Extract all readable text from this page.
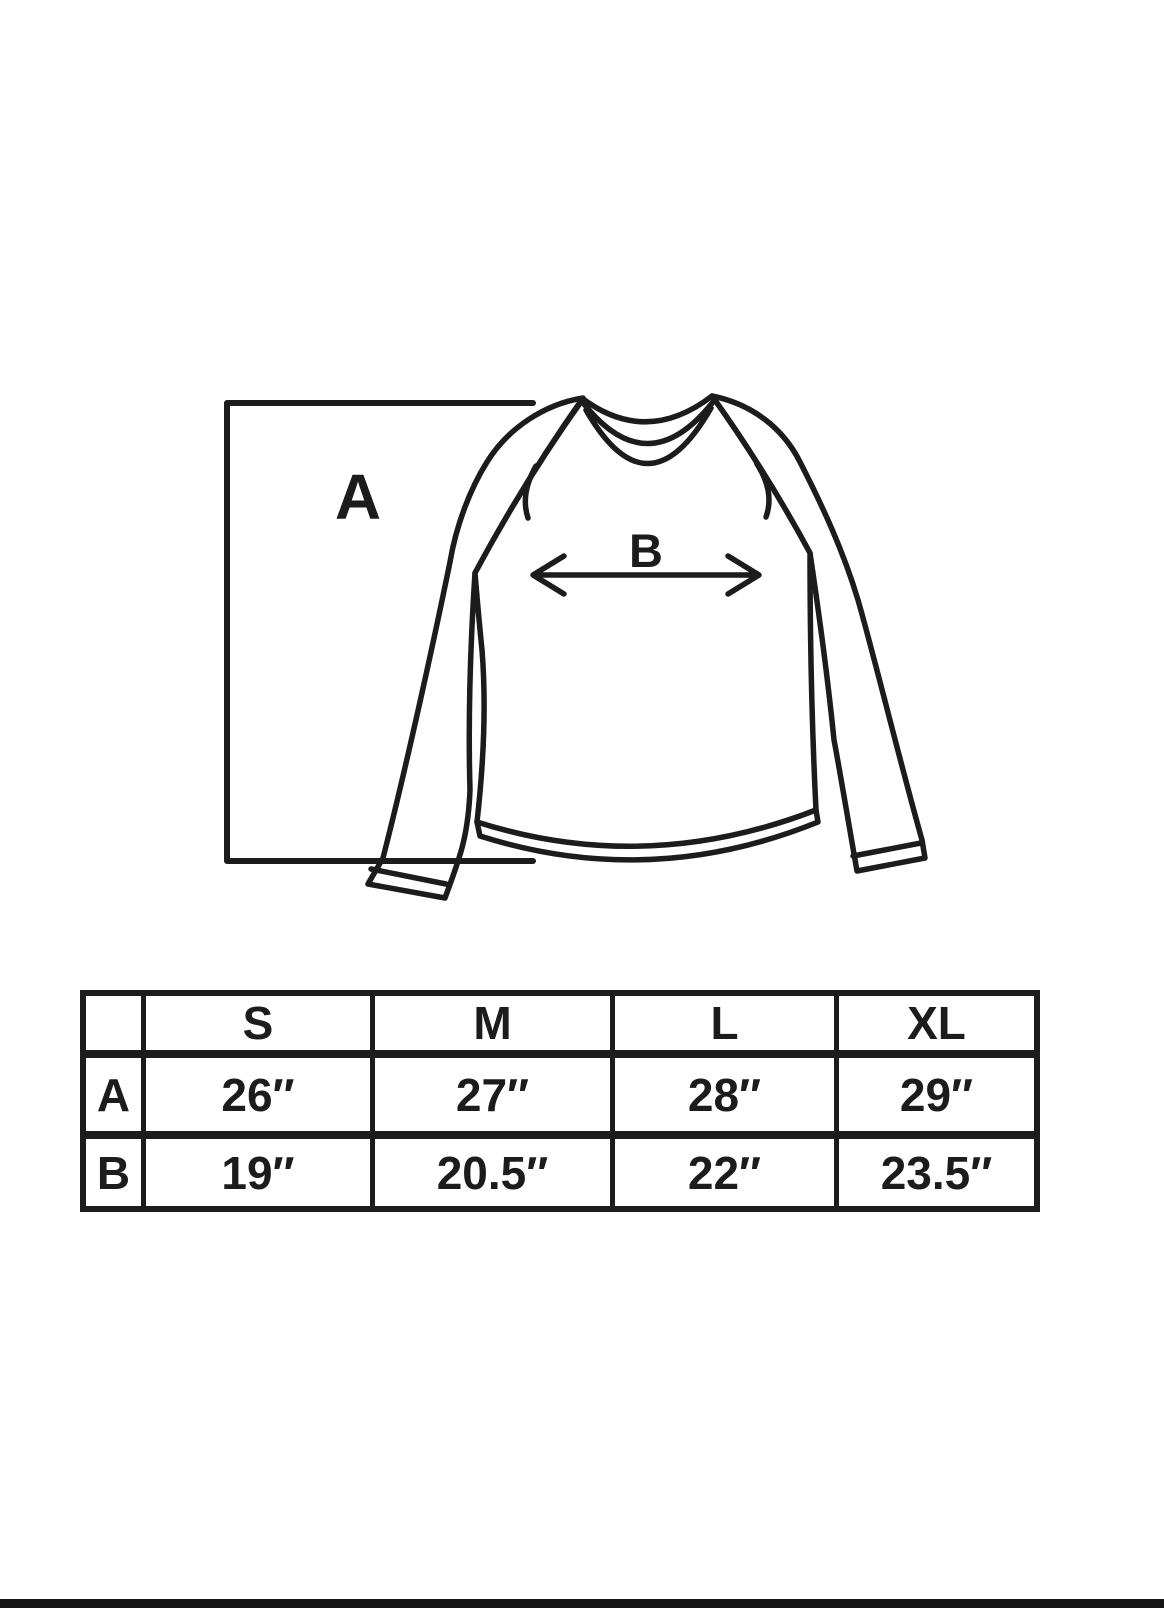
A
B
	S	M	L	XL
A	26″	27″	28″	29″
B	19″	20.5″	22″	23.5″
